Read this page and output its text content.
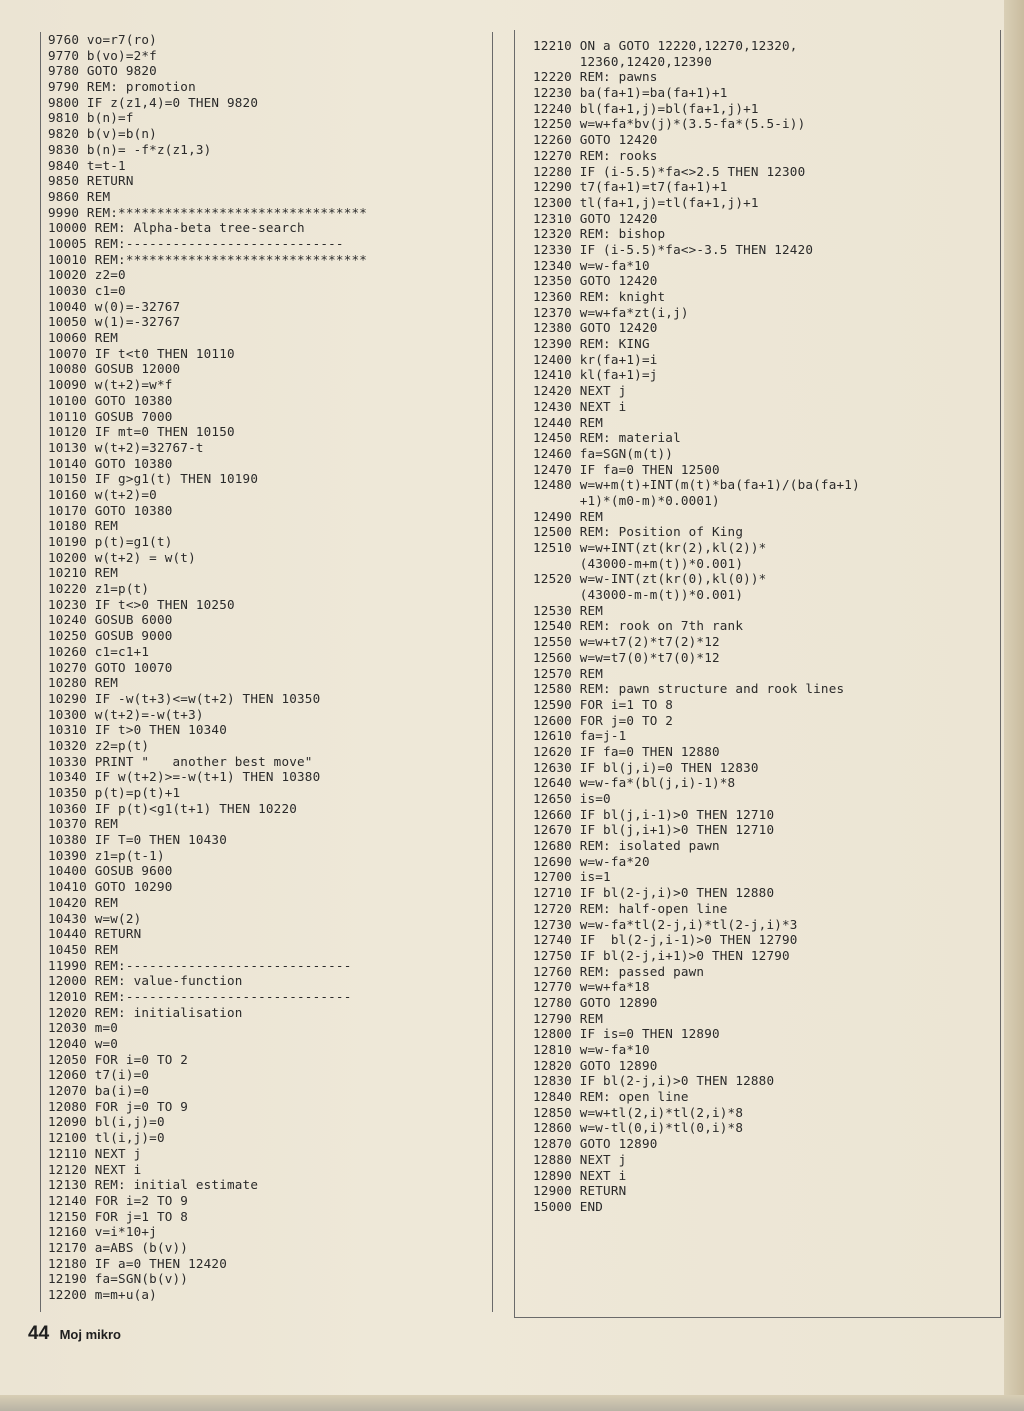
9760 vo=r7(ro)
9770 b(vo)=2*f
9780 GOTO 9820
9790 REM: promotion
9800 IF z(z1,4)=0 THEN 9820
9810 b(n)=f
9820 b(v)=b(n)
9830 b(n)= -f*z(z1,3)
9840 t=t-1
9850 RETURN
9860 REM
9990 REM:********************************
10000 REM: Alpha-beta tree-search
10005 REM:----------------------------
10010 REM:*******************************
10020 z2=0
10030 c1=0
10040 w(0)=-32767
10050 w(1)=-32767
10060 REM
10070 IF t<t0 THEN 10110
10080 GOSUB 12000
10090 w(t+2)=w*f
10100 GOTO 10380
10110 GOSUB 7000
10120 IF mt=0 THEN 10150
10130 w(t+2)=32767-t
10140 GOTO 10380
10150 IF g>g1(t) THEN 10190
10160 w(t+2)=0
10170 GOTO 10380
10180 REM
10190 p(t)=g1(t)
10200 w(t+2) = w(t)
10210 REM
10220 z1=p(t)
10230 IF t<>0 THEN 10250
10240 GOSUB 6000
10250 GOSUB 9000
10260 c1=c1+1
10270 GOTO 10070
10280 REM
10290 IF -w(t+3)<=w(t+2) THEN 10350
10300 w(t+2)=-w(t+3)
10310 IF t>0 THEN 10340
10320 z2=p(t)
10330 PRINT "   another best move"
10340 IF w(t+2)>=-w(t+1) THEN 10380
10350 p(t)=p(t)+1
10360 IF p(t)<g1(t+1) THEN 10220
10370 REM
10380 IF T=0 THEN 10430
10390 z1=p(t-1)
10400 GOSUB 9600
10410 GOTO 10290
10420 REM
10430 w=w(2)
10440 RETURN
10450 REM
11990 REM:-----------------------------
12000 REM: value-function
12010 REM:-----------------------------
12020 REM: initialisation
12030 m=0
12040 w=0
12050 FOR i=0 TO 2
12060 t7(i)=0
12070 ba(i)=0
12080 FOR j=0 TO 9
12090 bl(i,j)=0
12100 tl(i,j)=0
12110 NEXT j
12120 NEXT i
12130 REM: initial estimate
12140 FOR i=2 TO 9
12150 FOR j=1 TO 8
12160 v=i*10+j
12170 a=ABS (b(v))
12180 IF a=0 THEN 12420
12190 fa=SGN(b(v))
12200 m=m+u(a)
12210 ON a GOTO 12220,12270,12320,
12360,12420,12390
12220 REM: pawns
12230 ba(fa+1)=ba(fa+1)+1
12240 bl(fa+1,j)=bl(fa+1,j)+1
12250 w=w+fa*bv(j)*(3.5-fa*(5.5-i))
12260 GOTO 12420
12270 REM: rooks
12280 IF (i-5.5)*fa<>2.5 THEN 12300
12290 t7(fa+1)=t7(fa+1)+1
12300 tl(fa+1,j)=tl(fa+1,j)+1
12310 GOTO 12420
12320 REM: bishop
12330 IF (i-5.5)*fa<>-3.5 THEN 12420
12340 w=w-fa*10
12350 GOTO 12420
12360 REM: knight
12370 w=w+fa*zt(i,j)
12380 GOTO 12420
12390 REM: KING
12400 kr(fa+1)=i
12410 kl(fa+1)=j
12420 NEXT j
12430 NEXT i
12440 REM
12450 REM: material
12460 fa=SGN(m(t))
12470 IF fa=0 THEN 12500
12480 w=w+m(t)+INT(m(t)*ba(fa+1)/(ba(fa+1)
+1)*(m0-m)*0.0001)
12490 REM
12500 REM: Position of King
12510 w=w+INT(zt(kr(2),kl(2))*
(43000-m+m(t))*0.001)
12520 w=w-INT(zt(kr(0),kl(0))*
(43000-m-m(t))*0.001)
12530 REM
12540 REM: rook on 7th rank
12550 w=w+t7(2)*t7(2)*12
12560 w=w=t7(0)*t7(0)*12
12570 REM
12580 REM: pawn structure and rook lines
12590 FOR i=1 TO 8
12600 FOR j=0 TO 2
12610 fa=j-1
12620 IF fa=0 THEN 12880
12630 IF bl(j,i)=0 THEN 12830
12640 w=w-fa*(bl(j,i)-1)*8
12650 is=0
12660 IF bl(j,i-1)>0 THEN 12710
12670 IF bl(j,i+1)>0 THEN 12710
12680 REM: isolated pawn
12690 w=w-fa*20
12700 is=1
12710 IF bl(2-j,i)>0 THEN 12880
12720 REM: half-open line
12730 w=w-fa*tl(2-j,i)*tl(2-j,i)*3
12740 IF  bl(2-j,i-1)>0 THEN 12790
12750 IF bl(2-j,i+1)>0 THEN 12790
12760 REM: passed pawn
12770 w=w+fa*18
12780 GOTO 12890
12790 REM
12800 IF is=0 THEN 12890
12810 w=w-fa*10
12820 GOTO 12890
12830 IF bl(2-j,i)>0 THEN 12880
12840 REM: open line
12850 w=w+tl(2,i)*tl(2,i)*8
12860 w=w-tl(0,i)*tl(0,i)*8
12870 GOTO 12890
12880 NEXT j
12890 NEXT i
12900 RETURN
15000 END
44 Moj mikro
